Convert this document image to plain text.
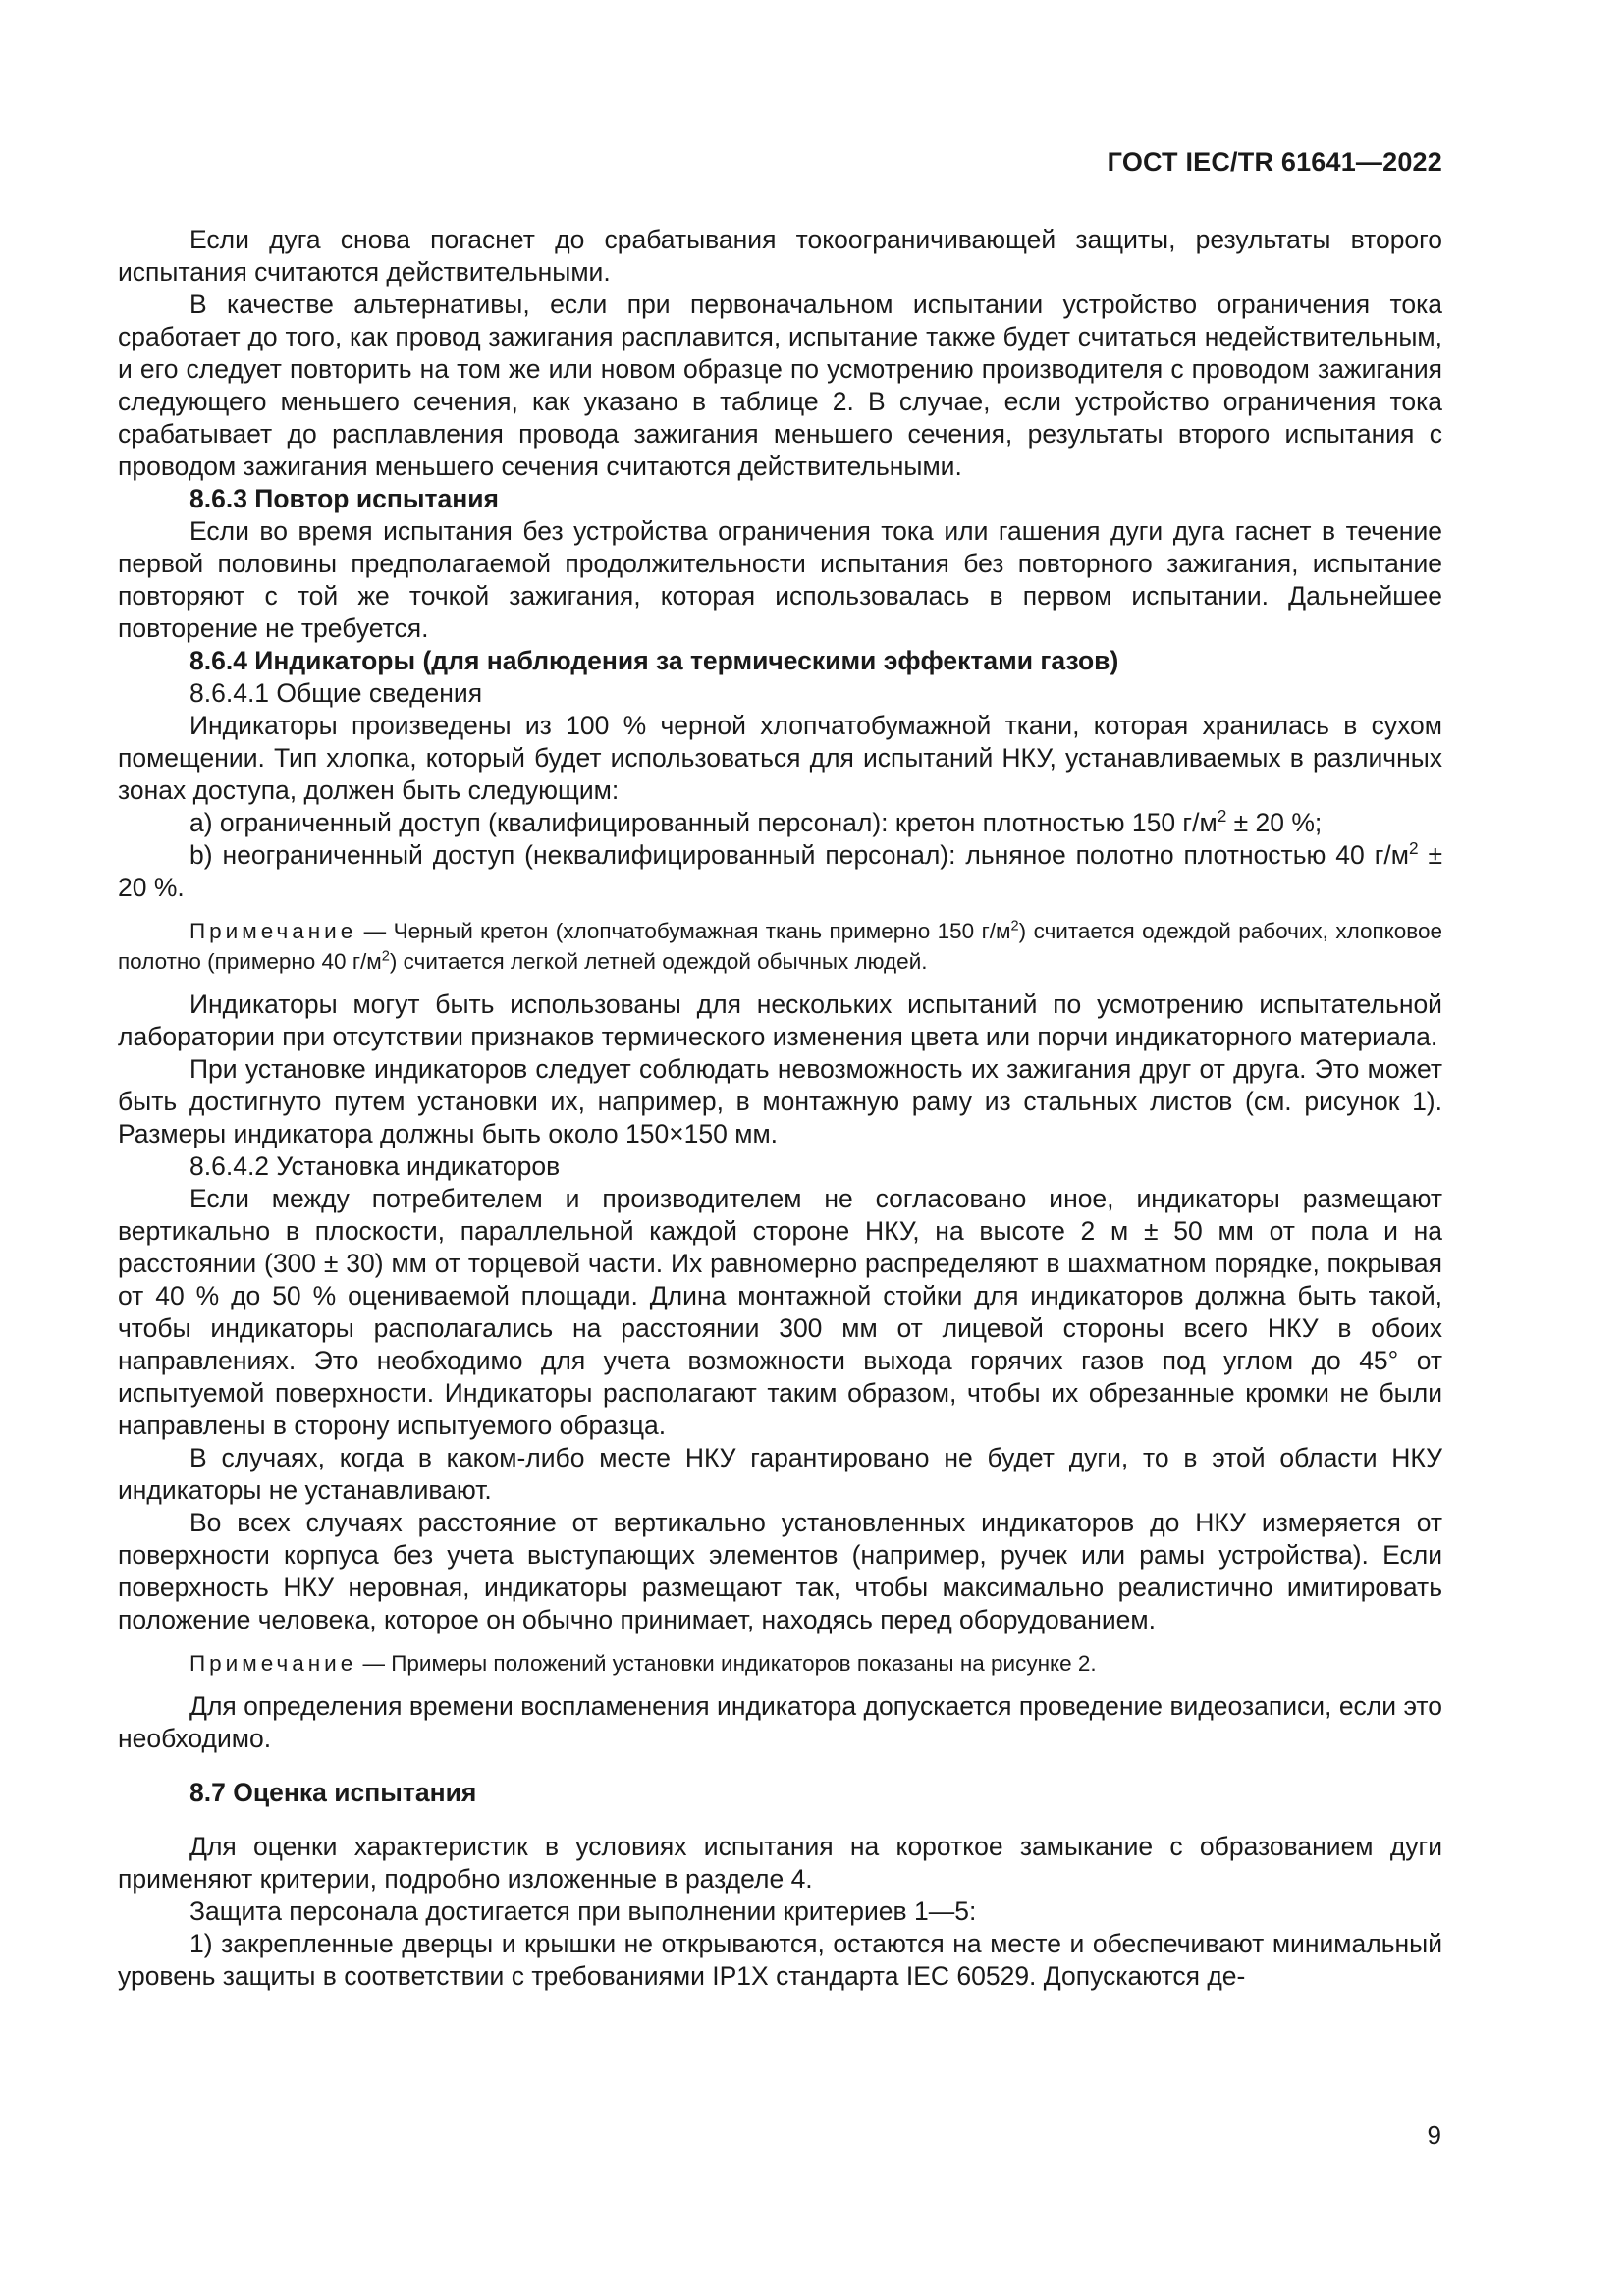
ГОСТ IEC/TR 61641—2022

Если дуга снова погаснет до срабатывания токоограничивающей защиты, результаты второго испытания считаются действительными.

В качестве альтернативы, если при первоначальном испытании устройство ограничения тока сработает до того, как провод зажигания расплавится, испытание также будет считаться недействительным, и его следует повторить на том же или новом образце по усмотрению производителя с проводом зажигания следующего меньшего сечения, как указано в таблице 2. В случае, если устройство ограничения тока срабатывает до расплавления провода зажигания меньшего сечения, результаты второго испытания с проводом зажигания меньшего сечения считаются действительными.

8.6.3 Повтор испытания

Если во время испытания без устройства ограничения тока или гашения дуги дуга гаснет в течение первой половины предполагаемой продолжительности испытания без повторного зажигания, испытание повторяют с той же точкой зажигания, которая использовалась в первом испытании. Дальнейшее повторение не требуется.

8.6.4 Индикаторы (для наблюдения за термическими эффектами газов)

8.6.4.1 Общие сведения

Индикаторы произведены из 100 % черной хлопчатобумажной ткани, которая хранилась в сухом помещении. Тип хлопка, который будет использоваться для испытаний НКУ, устанавливаемых в различных зонах доступа, должен быть следующим:

a) ограниченный доступ (квалифицированный персонал): кретон плотностью 150 $г/м^2 \pm 20$ %;

b) неограниченный доступ (неквалифицированный персонал): льняное полотно плотностью 40 $г/м^2 \pm 20$ %.

Примечание — Черный кретон (хлопчатобумажная ткань примерно 150 $г/м^2$) считается одеждой рабочих, хлопковое полотно (примерно 40 $г/м^2$) считается легкой летней одеждой обычных людей.

Индикаторы могут быть использованы для нескольких испытаний по усмотрению испытательной лаборатории при отсутствии признаков термического изменения цвета или порчи индикаторного материала.

При установке индикаторов следует соблюдать невозможность их зажигания друг от друга. Это может быть достигнуто путем установки их, например, в монтажную раму из стальных листов (см. рисунок 1). Размеры индикатора должны быть около 150×150 мм.

8.6.4.2 Установка индикаторов

Если между потребителем и производителем не согласовано иное, индикаторы размещают вертикально в плоскости, параллельной каждой стороне НКУ, на высоте 2 м ± 50 мм от пола и на расстоянии (300 ± 30) мм от торцевой части. Их равномерно распределяют в шахматном порядке, покрывая от 40 % до 50 % оцениваемой площади. Длина монтажной стойки для индикаторов должна быть такой, чтобы индикаторы располагались на расстоянии 300 мм от лицевой стороны всего НКУ в обоих направлениях. Это необходимо для учета возможности выхода горячих газов под углом до 45° от испытуемой поверхности. Индикаторы располагают таким образом, чтобы их обрезанные кромки не были направлены в сторону испытуемого образца.

В случаях, когда в каком-либо месте НКУ гарантировано не будет дуги, то в этой области НКУ индикаторы не устанавливают.

Во всех случаях расстояние от вертикально установленных индикаторов до НКУ измеряется от поверхности корпуса без учета выступающих элементов (например, ручек или рамы устройства). Если поверхность НКУ неровная, индикаторы размещают так, чтобы максимально реалистично имитировать положение человека, которое он обычно принимает, находясь перед оборудованием.

Примечание — Примеры положений установки индикаторов показаны на рисунке 2.

Для определения времени воспламенения индикатора допускается проведение видеозаписи, если это необходимо.

8.7 Оценка испытания

Для оценки характеристик в условиях испытания на короткое замыкание с образованием дуги применяют критерии, подробно изложенные в разделе 4.

Защита персонала достигается при выполнении критериев 1—5:

1) закрепленные дверцы и крышки не открываются, остаются на месте и обеспечивают минимальный уровень защиты в соответствии с требованиями IP1X стандарта IEC 60529. Допускаются де-

9
